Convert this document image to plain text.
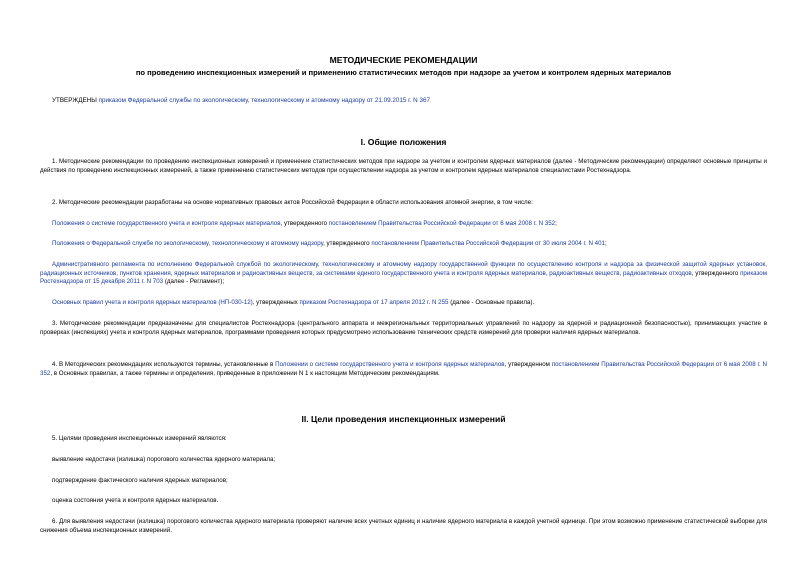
МЕТОДИЧЕСКИЕ РЕКОМЕНДАЦИИ

по проведению инспекционных измерений и применению статистических методов при надзоре за учетом и контролем ядерных материалов

УТВЕРЖДЕНЫ приказом Федеральной службы по экологическому, технологическому и атомному надзору от 21.09.2015 г. N 367

I. Общие положения

1. Методические рекомендации по проведению инспекционных измерений и применение статистических методов при надзоре за учетом и контролем ядерных материалов (далее - Методические рекомендации) определяют основные принципы и действия по проведению инспекционных измерений, а также применению статистических методов при осуществлении надзора за учетом и контролем ядерных материалов специалистами Ростехнадзора.

2. Методические рекомендации разработаны на основе нормативных правовых актов Российской Федерации в области использования атомной энергии, в том числе:

Положения о системе государственного учета и контроля ядерных материалов, утвержденного постановлением Правительства Российской Федерации от 6 мая 2008 г. N 352;

Положения о Федеральной службе по экологическому, технологическому и атомному надзору, утвержденного постановлением Правительства Российской Федерации от 30 июля 2004 г. N 401;

Административного регламента по исполнению Федеральной службой по экологическому, технологическому и атомному надзору государственной функции по осуществлению контроля и надзора за физической защитой ядерных установок, радиационных источников, пунктов хранения, ядерных материалов и радиоактивных веществ, за системами единого государственного учета и контроля ядерных материалов, радиоактивных веществ, радиоактивных отходов, утвержденного приказом Ростехнадзора от 15 декабря 2011 г. N 703 (далее - Регламент);

Основных правил учета и контроля ядерных материалов (НП-030-12), утвержденных приказом Ростехнадзора от 17 апреля 2012 г. N 255 (далее - Основные правила).

3. Методические рекомендации предназначены для специалистов Ростехнадзора (центрального аппарата и межрегиональных территориальных управлений по надзору за ядерной и радиационной безопасностью), принимающих участие в проверках (инспекциях) учета и контроля ядерных материалов, программами проведения которых предусмотрено использование технических средств измерений для проверки наличия ядерных материалов.

4. В Методических рекомендациях используются термины, установленные в Положении о системе государственного учета и контроля ядерных материалов, утвержденном постановлением Правительства Российской Федерации от 6 мая 2008 г. N 352, в Основных правилах, а также термины и определения, приведенные в приложении N 1 к настоящим Методическим рекомендациям.

II. Цели проведения инспекционных измерений

5. Целями проведения инспекционных измерений являются:

выявление недостачи (излишка) порогового количества ядерного материала;

подтверждение фактического наличия ядерных материалов;

оценка состояния учета и контроля ядерных материалов.

6. Для выявления недостачи (излишка) порогового количества ядерного материала проверяют наличие всех учетных единиц и наличие ядерного материала в каждой учетной единице. При этом возможно применение статистической выборки для снижения объема инспекционных измерений.
